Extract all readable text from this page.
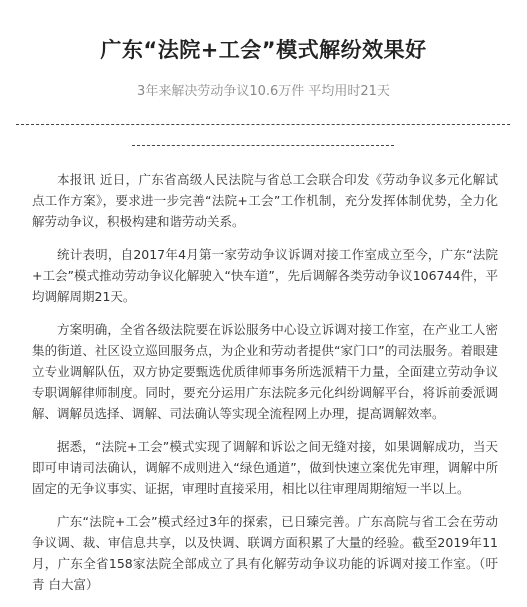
广东“法院+工会”模式解纷效果好
3年来解决劳动争议10.6万件 平均用时21天

本报讯 近日，广东省高级人民法院与省总工会联合印发《劳动争议多元化解试点工作方案》，要求进一步完善“法院+工会”工作机制，充分发挥体制优势，全力化解劳动争议，积极构建和谐劳动关系。

统计表明，自2017年4月第一家劳动争议诉调对接工作室成立至今，广东“法院+工会”模式推动劳动争议化解驶入“快车道”，先后调解各类劳动争议106744件，平均调解周期21天。

方案明确，全省各级法院要在诉讼服务中心设立诉调对接工作室，在产业工人密集的街道、社区设立巡回服务点，为企业和劳动者提供“家门口”的司法服务。着眼建立专业调解队伍，双方协定要甄选优质律师事务所选派精干力量，全面建立劳动争议专职调解律师制度。同时，要充分运用广东法院多元化纠纷调解平台，将诉前委派调解、调解员选择、调解、司法确认等实现全流程网上办理，提高调解效率。

据悉，“法院+工会”模式实现了调解和诉讼之间无缝对接，如果调解成功，当天即可申请司法确认，调解不成则进入“绿色通道”，做到快速立案优先审理，调解中所固定的无争议事实、证据，审理时直接采用，相比以往审理周期缩短一半以上。

广东“法院+工会”模式经过3年的探索，已日臻完善。广东高院与省工会在劳动争议调、裁、审信息共享，以及快调、联调方面积累了大量的经验。截至2019年11月，广东全省158家法院全部成立了具有化解劳动争议功能的诉调对接工作室。（吁 青 白大富）
